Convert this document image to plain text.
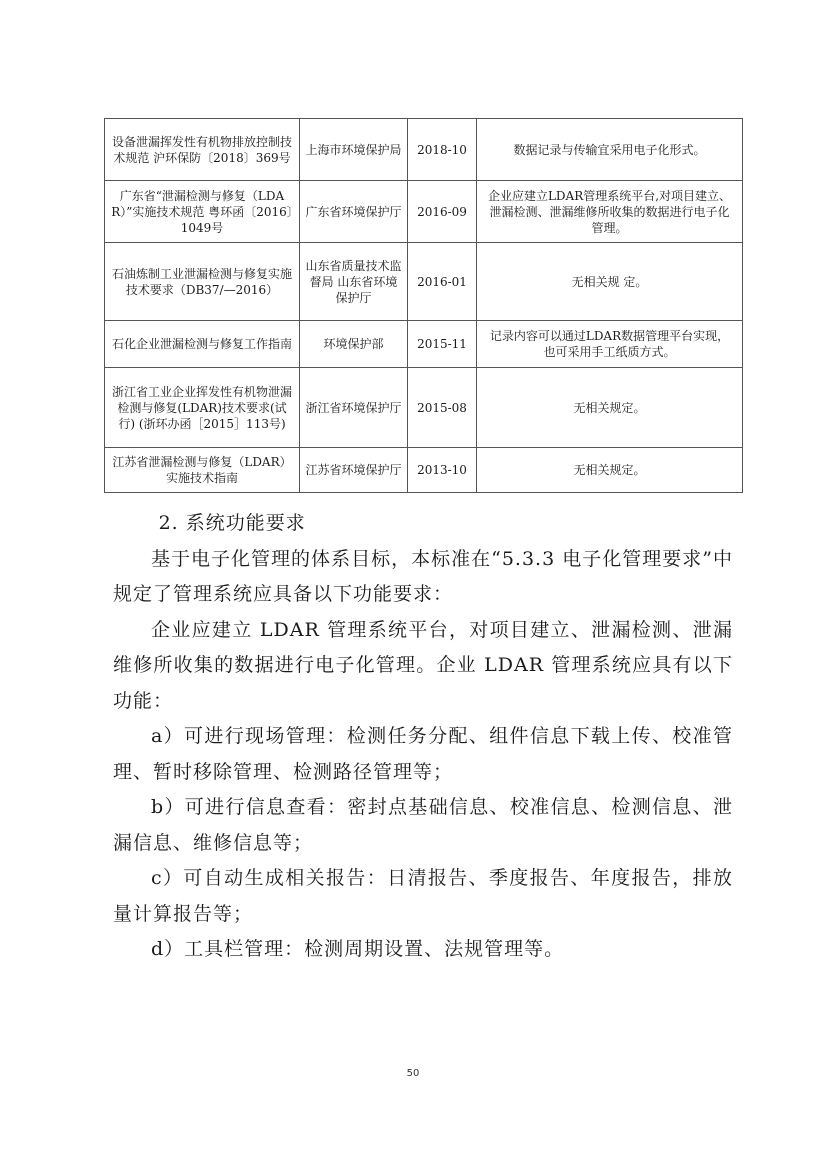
设备泄漏挥发性有机物排放控制技术规范 沪环保防〔2018〕369号	上海市环境保护局	2018-10	数据记录与传输宜采用电子化形式。
广东省“泄漏检测与修复（LDAR）”实施技术规范 粤环函〔2016〕1049号	广东省环境保护厅	2016-09	企业应建立LDAR管理系统平台,对项目建立、泄漏检测、泄漏维修所收集的数据进行电子化管理。
石油炼制工业泄漏检测与修复实施技术要求（DB37/—2016）	山东省质量技术监督局 山东省环境保护厅	2016-01	无相关规 定。
石化企业泄漏检测与修复工作指南	环境保护部	2015-11	记录内容可以通过LDAR数据管理平台实现，也可采用手工纸质方式。
浙江省工业企业挥发性有机物泄漏检测与修复(LDAR)技术要求(试行) (浙环办函［2015］113号)	浙江省环境保护厅	2015-08	无相关规定。
江苏省泄漏检测与修复（LDAR）实施技术指南	江苏省环境保护厅	2013-10	无相关规定。

2. 系统功能要求

基于电子化管理的体系目标，本标准在“5.3.3 电子化管理要求”中规定了管理系统应具备以下功能要求：

企业应建立 LDAR 管理系统平台，对项目建立、泄漏检测、泄漏维修所收集的数据进行电子化管理。企业 LDAR 管理系统应具有以下功能：

a）可进行现场管理：检测任务分配、组件信息下载上传、校准管理、暂时移除管理、检测路径管理等；

b）可进行信息查看：密封点基础信息、校准信息、检测信息、泄漏信息、维修信息等；

c）可自动生成相关报告：日清报告、季度报告、年度报告，排放量计算报告等；

d）工具栏管理：检测周期设置、法规管理等。

50
